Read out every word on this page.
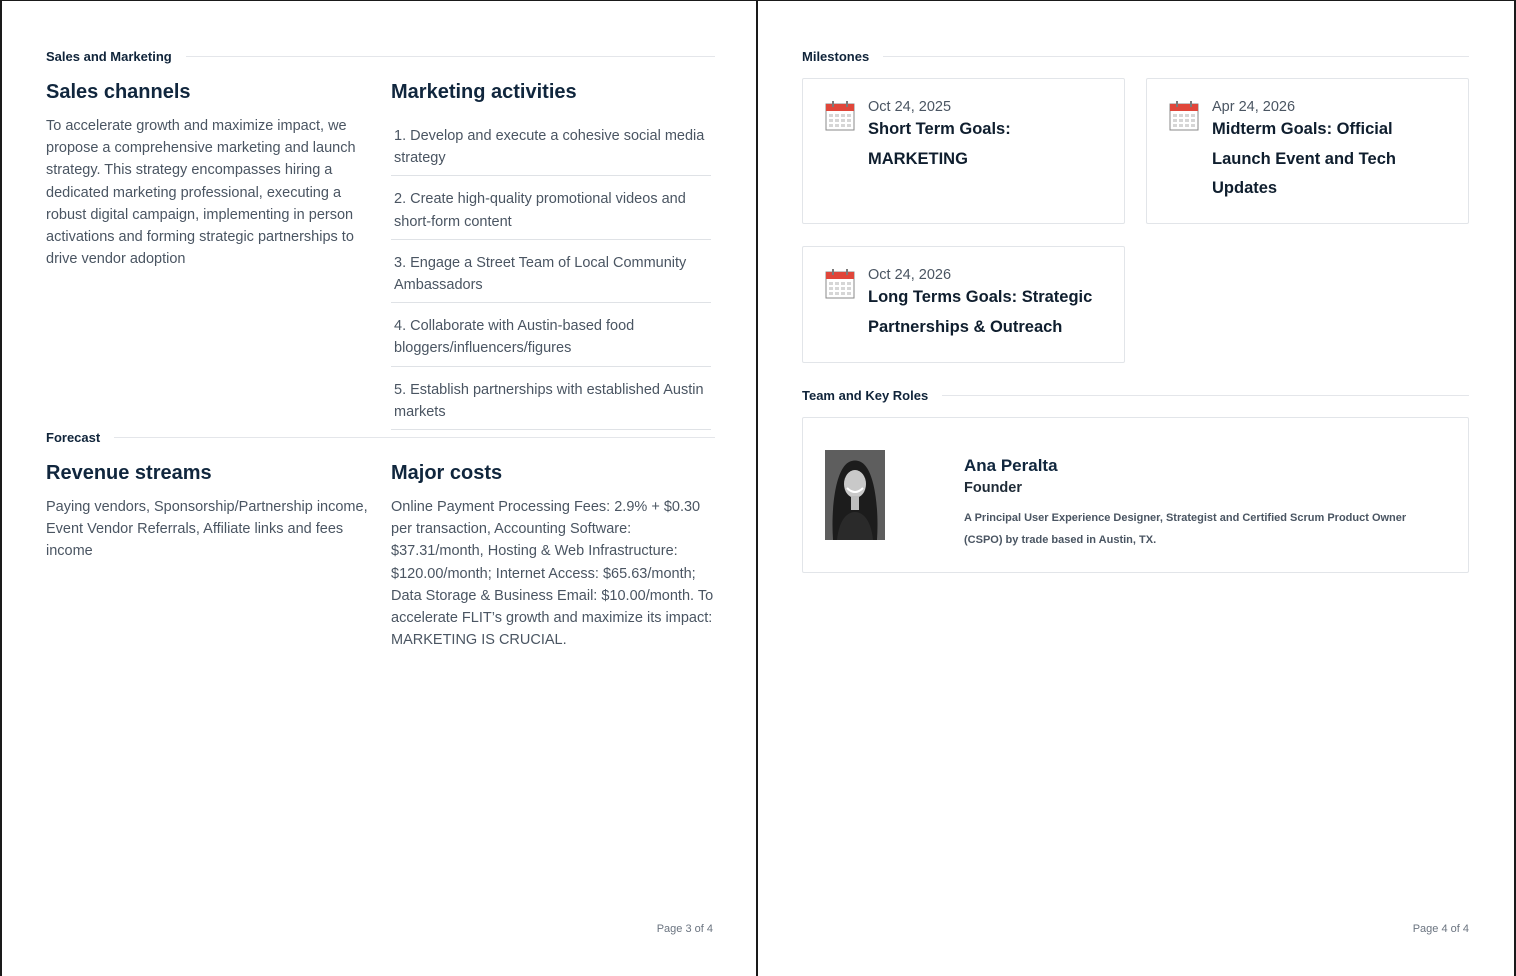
Sales and Marketing
Sales channels
To accelerate growth and maximize impact, we propose a comprehensive marketing and launch strategy. This strategy encompasses hiring a dedicated marketing professional, executing a robust digital campaign, implementing in person activations and forming strategic partnerships to drive vendor adoption
Marketing activities
1. Develop and execute a cohesive social media strategy
2. Create high-quality promotional videos and short-form content
3. Engage a Street Team of Local Community Ambassadors
4. Collaborate with Austin-based food bloggers/influencers/figures
5. Establish partnerships with established Austin markets
Forecast
Revenue streams
Paying vendors, Sponsorship/Partnership income, Event Vendor Referrals, Affiliate links and fees income
Major costs
Online Payment Processing Fees: 2.9% + $0.30 per transaction, Accounting Software: $37.31/month, Hosting & Web Infrastructure: $120.00/month; Internet Access: $65.63/month; Data Storage & Business Email: $10.00/month. To accelerate FLIT’s growth and maximize its impact: MARKETING IS CRUCIAL.
Page 3 of 4
Milestones
Oct 24, 2025
Short Term Goals: MARKETING
Apr 24, 2026
Midterm Goals: Official Launch Event and Tech Updates
Oct 24, 2026
Long Terms Goals: Strategic Partnerships & Outreach
Team and Key Roles
Ana Peralta
Founder
A Principal User Experience Designer, Strategist and Certified Scrum Product Owner (CSPO) by trade based in Austin, TX.
Page 4 of 4
